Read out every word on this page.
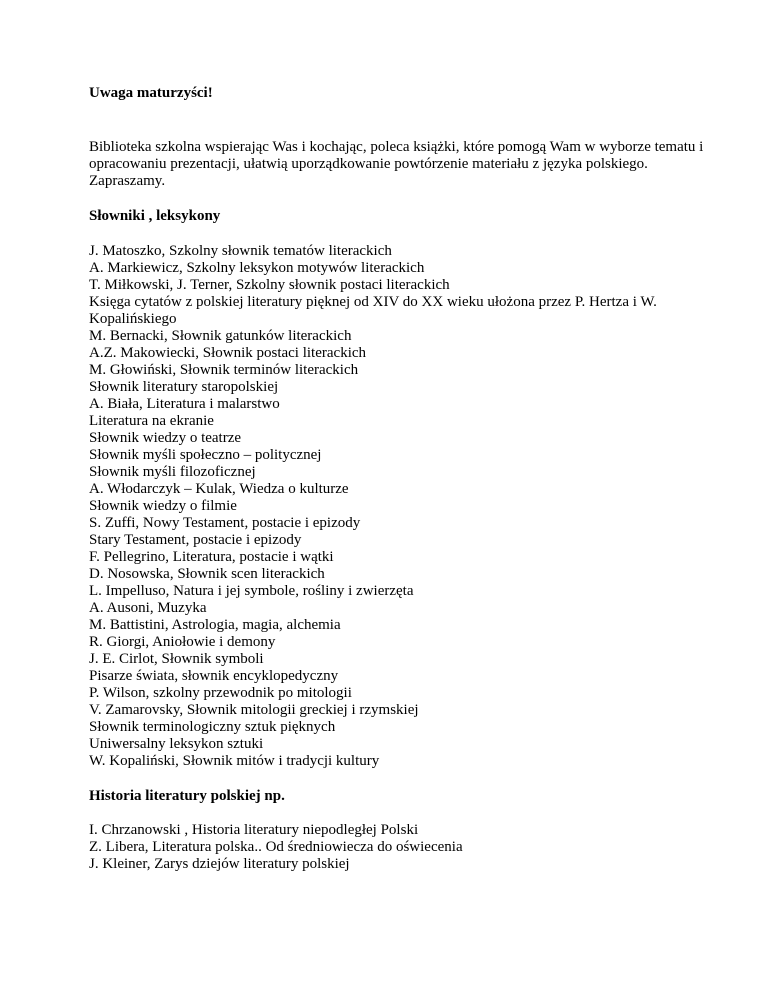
Uwaga maturzyści!

Biblioteka szkolna wspierając Was i kochając, poleca książki, które pomogą Wam w wyborze tematu i opracowaniu prezentacji, ułatwią uporządkowanie powtórzenie materiału z języka polskiego. Zapraszamy.

Słowniki , leksykony

J. Matoszko, Szkolny słownik tematów literackich
A. Markiewicz, Szkolny leksykon motywów literackich
T. Miłkowski, J. Terner, Szkolny słownik postaci literackich
Księga cytatów z polskiej literatury pięknej od XIV do XX wieku ułożona przez P. Hertza i W. Kopalińskiego
M. Bernacki, Słownik gatunków literackich
A.Z. Makowiecki, Słownik postaci literackich
M. Głowiński, Słownik terminów literackich
Słownik literatury staropolskiej
A. Biała, Literatura i malarstwo
Literatura na ekranie
Słownik wiedzy o teatrze
Słownik myśli społeczno – politycznej
Słownik myśli filozoficznej
A. Włodarczyk – Kulak, Wiedza o kulturze
Słownik wiedzy o filmie
S. Zuffi, Nowy Testament, postacie i epizody
Stary Testament, postacie i epizody
F. Pellegrino, Literatura, postacie i wątki
D. Nosowska, Słownik scen literackich
L. Impelluso, Natura i jej symbole, rośliny i zwierzęta
A. Ausoni, Muzyka
M. Battistini, Astrologia, magia, alchemia
R. Giorgi, Aniołowie i demony
J. E. Cirlot, Słownik symboli
Pisarze świata, słownik encyklopedyczny
P. Wilson, szkolny przewodnik po mitologii
V. Zamarovsky, Słownik mitologii greckiej i rzymskiej
Słownik terminologiczny sztuk pięknych
Uniwersalny leksykon sztuki
W. Kopaliński, Słownik mitów i tradycji kultury

Historia literatury polskiej np.

I. Chrzanowski , Historia literatury niepodległej Polski
Z. Libera, Literatura polska.. Od średniowiecza do oświecenia
J. Kleiner, Zarys dziejów literatury polskiej
